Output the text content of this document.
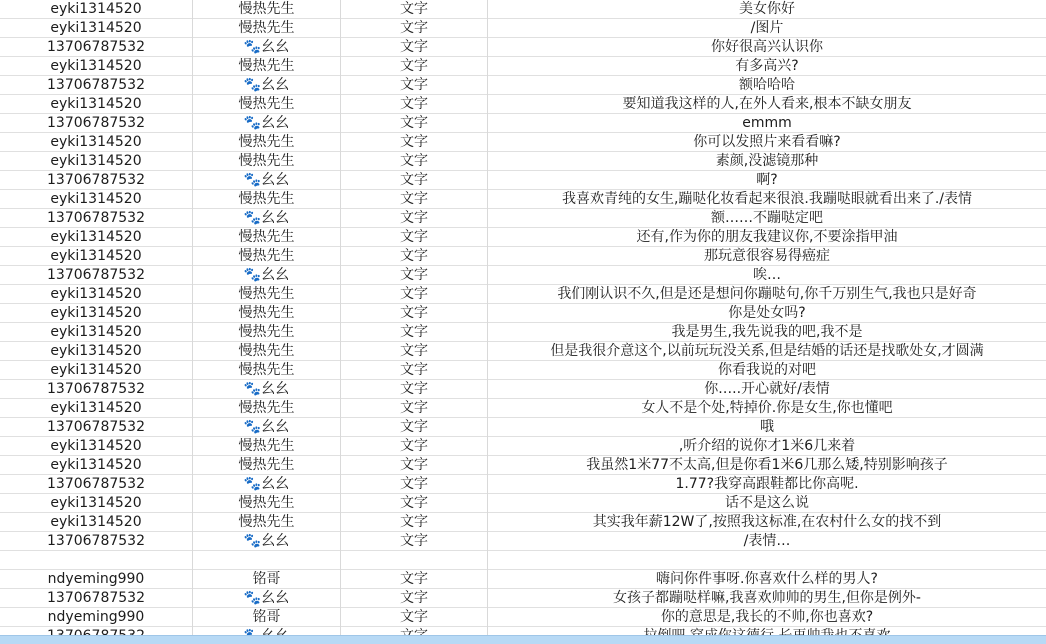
eyki1314520	慢热先生	文字	美女你好
eyki1314520	慢热先生	文字	/图片
13706787532	🐾幺幺	文字	你好很高兴认识你
eyki1314520	慢热先生	文字	有多高兴?
13706787532	🐾幺幺	文字	额哈哈哈
eyki1314520	慢热先生	文字	要知道我这样的人,在外人看来,根本不缺女朋友
13706787532	🐾幺幺	文字	emmm
eyki1314520	慢热先生	文字	你可以发照片来看看嘛?
eyki1314520	慢热先生	文字	素颜,没滤镜那种
13706787532	🐾幺幺	文字	啊?
eyki1314520	慢热先生	文字	我喜欢青纯的女生,蹦哒化妆看起来很浪.我蹦哒眼就看出来了./表情
13706787532	🐾幺幺	文字	额……不蹦哒定吧
eyki1314520	慢热先生	文字	还有,作为你的朋友我建议你,不要涂指甲油
eyki1314520	慢热先生	文字	那玩意很容易得癌症
13706787532	🐾幺幺	文字	唉…
eyki1314520	慢热先生	文字	我们刚认识不久,但是还是想问你蹦哒句,你千万别生气,我也只是好奇
eyki1314520	慢热先生	文字	你是处女吗?
eyki1314520	慢热先生	文字	我是男生,我先说我的吧,我不是
eyki1314520	慢热先生	文字	但是我很介意这个,以前玩玩没关系,但是结婚的话还是找歌处女,才圆满
eyki1314520	慢热先生	文字	你看我说的对吧
13706787532	🐾幺幺	文字	你…..开心就好/表情
eyki1314520	慢热先生	文字	女人不是个处,特掉价.你是女生,你也懂吧
13706787532	🐾幺幺	文字	哦
eyki1314520	慢热先生	文字	,听介绍的说你才1米6几来着
eyki1314520	慢热先生	文字	我虽然1米77不太高,但是你看1米6几那么矮,特别影响孩子
13706787532	🐾幺幺	文字	1.77?我穿高跟鞋都比你高呢.
eyki1314520	慢热先生	文字	话不是这么说
eyki1314520	慢热先生	文字	其实我年薪12W了,按照我这标准,在农村什么女的找不到
13706787532	🐾幺幺	文字	/表情…
ndyeming990	铭哥	文字	嗨问你件事呀.你喜欢什么样的男人?
13706787532	🐾幺幺	文字	女孩子都蹦哒样嘛,我喜欢帅帅的男生,但你是例外-
ndyeming990	铭哥	文字	你的意思是,我长的不帅,你也喜欢?
